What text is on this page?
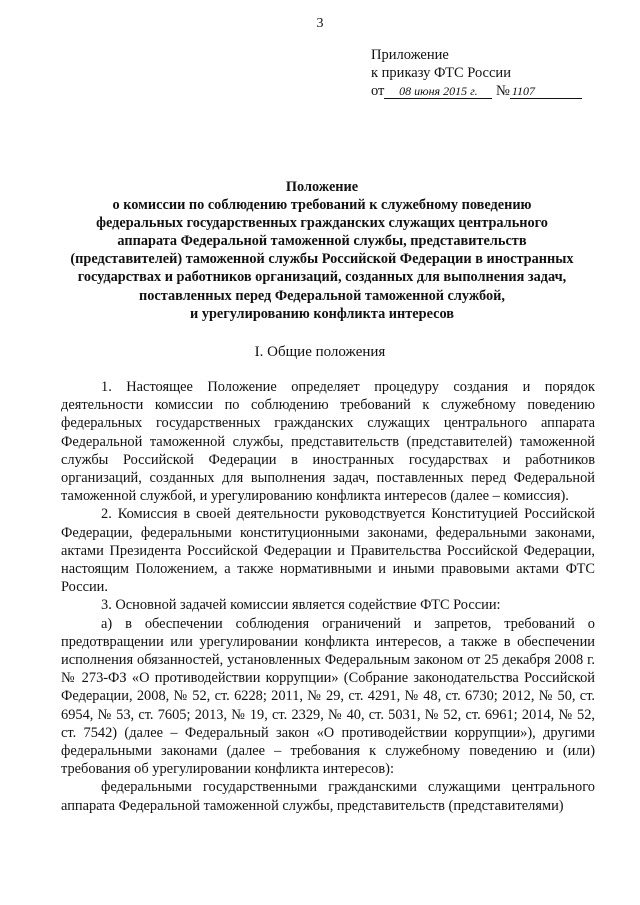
3
Приложение
к приказу ФТС России
от 08 июня 2015 г. № 1107
Положение
о комиссии по соблюдению требований к служебному поведению
федеральных государственных гражданских служащих центрального
аппарата Федеральной таможенной службы, представительств
(представителей) таможенной службы Российской Федерации в иностранных
государствах и работников организаций, созданных для выполнения задач,
поставленных перед Федеральной таможенной службой,
и урегулированию конфликта интересов
I. Общие положения

1. Настоящее Положение определяет процедуру создания и порядок деятельности комиссии по соблюдению требований к служебному поведению федеральных государственных гражданских служащих центрального аппарата Федеральной таможенной службы, представительств (представителей) таможенной службы Российской Федерации в иностранных государствах и работников организаций, созданных для выполнения задач, поставленных перед Федеральной таможенной службой, и урегулированию конфликта интересов (далее – комиссия).

2. Комиссия в своей деятельности руководствуется Конституцией Российской Федерации, федеральными конституционными законами, федеральными законами, актами Президента Российской Федерации и Правительства Российской Федерации, настоящим Положением, а также нормативными и иными правовыми актами ФТС России.

3. Основной задачей комиссии является содействие ФТС России:

а) в обеспечении соблюдения ограничений и запретов, требований о предотвращении или урегулировании конфликта интересов, а также в обеспечении исполнения обязанностей, установленных Федеральным законом от 25 декабря 2008 г. № 273-ФЗ «О противодействии коррупции» (Собрание законодательства Российской Федерации, 2008, № 52, ст. 6228; 2011, № 29, ст. 4291, № 48, ст. 6730; 2012, № 50, ст. 6954, № 53, ст. 7605; 2013, № 19, ст. 2329, № 40, ст. 5031, № 52, ст. 6961; 2014, № 52, ст. 7542) (далее – Федеральный закон «О противодействии коррупции»), другими федеральными законами (далее – требования к служебному поведению и (или) требования об урегулировании конфликта интересов):

федеральными государственными гражданскими служащими центрального аппарата Федеральной таможенной службы, представительств (представителями)
